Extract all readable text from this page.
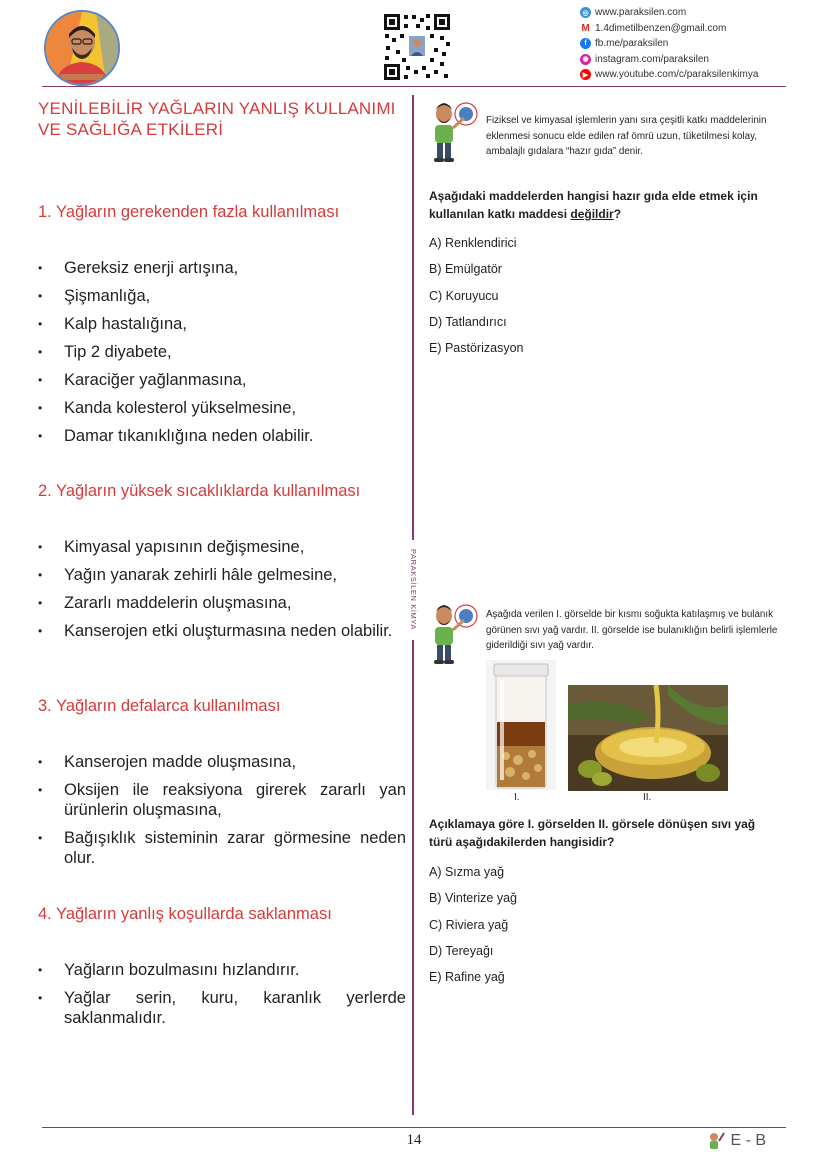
◎ www.paraksilen.com
M 1.4dimetilbenzen@gmail.com
f fb.me/paraksilen
◉ instagram.com/paraksilen
▶ www.youtube.com/c/paraksilenkimya
YENİLEBİLİR YAĞLARIN YANLIŞ KULLANIMI
VE SAĞLIĞA ETKİLERİ
1. Yağların gerekenden fazla kullanılması
• Gereksiz enerji artışına,
• Şişmanlığa,
• Kalp hastalığına,
• Tip 2 diyabete,
• Karaciğer yağlanmasına,
• Kanda kolesterol yükselmesine,
• Damar tıkanıklığına neden olabilir.
2. Yağların yüksek sıcaklıklarda kullanılması
• Kimyasal yapısının değişmesine,
• Yağın yanarak zehirli hâle gelmesine,
• Zararlı maddelerin oluşmasına,
• Kanserojen etki oluşturmasına neden olabilir.
3. Yağların defalarca kullanılması
• Kanserojen madde oluşmasına,
• Oksijen ile reaksiyona girerek zararlı yan ürünlerin oluşmasına,
• Bağışıklık sisteminin zarar görmesine neden olur.
4. Yağların yanlış koşullarda saklanması
• Yağların bozulmasını hızlandırır.
• Yağlar serin, kuru, karanlık yerlerde saklanmalıdır.
PARAKSİLEN KİMYA
Fiziksel ve kimyasal işlemlerin yanı sıra çeşitli katkı maddelerinin eklenmesi sonucu elde edilen raf ömrü uzun, tüketilmesi kolay, ambalajlı gıdalara “hazır gıda” denir.
Aşağıdaki maddelerden hangisi hazır gıda elde etmek için kullanılan katkı maddesi değildir?
A) Renklendirici
B) Emülgatör
C) Koruyucu
D) Tatlandırıcı
E) Pastörizasyon
Aşağıda verilen I. görselde bir kısmı soğukta katılaşmış ve bulanık görünen sıvı yağ vardır. II. görselde ise bulanıklığın belirli işlemlerle giderildiği sıvı yağ vardır.
I.	II.
Açıklamaya göre I. görselden II. görsele dönüşen sıvı yağ türü aşağıdakilerden hangisidir?
A) Sızma yağ
B) Vinterize yağ
C) Riviera yağ
D) Tereyağı
E) Rafine yağ
14	E - B
